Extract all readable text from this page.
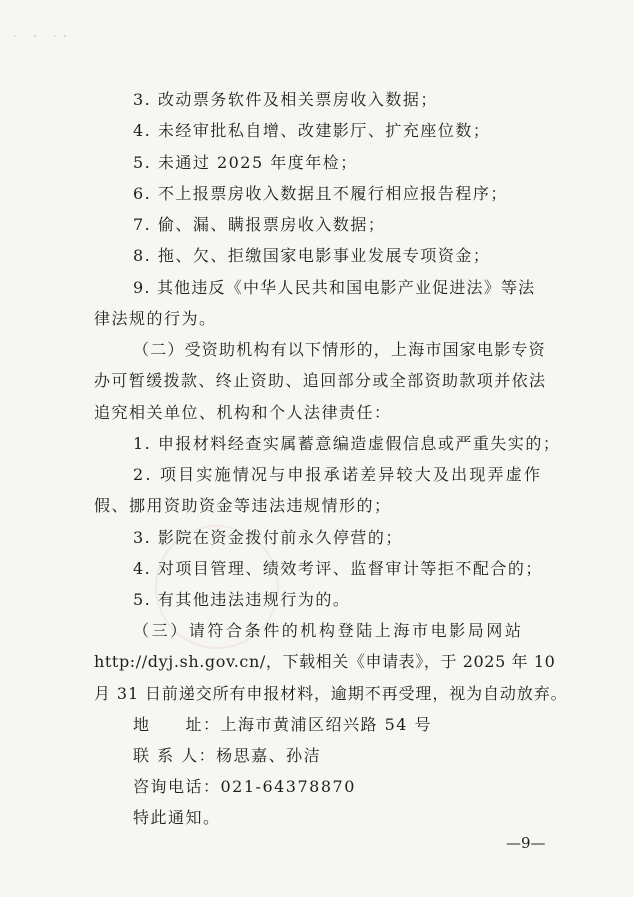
′ ʻ ′’
3. 改动票务软件及相关票房收入数据；
4. 未经审批私自增、改建影厅、扩充座位数；
5. 未通过 2025 年度年检；
6. 不上报票房收入数据且不履行相应报告程序；
7. 偷、漏、瞒报票房收入数据；
8. 拖、欠、拒缴国家电影事业发展专项资金；
9. 其他违反《中华人民共和国电影产业促进法》等法
律法规的行为。
（二）受资助机构有以下情形的，上海市国家电影专资
办可暂缓拨款、终止资助、追回部分或全部资助款项并依法
追究相关单位、机构和个人法律责任：
1. 申报材料经查实属蓄意编造虚假信息或严重失实的；
2. 项目实施情况与申报承诺差异较大及出现弄虚作
假、挪用资助资金等违法违规情形的；
3. 影院在资金拨付前永久停营的；
4. 对项目管理、绩效考评、监督审计等拒不配合的；
5. 有其他违法违规行为的。
（三）请符合条件的机构登陆上海市电影局网站
http://dyj.sh.gov.cn/，下载相关《申请表》，于 2025 年 10
月 31 日前递交所有申报材料，逾期不再受理，视为自动放弃。
地　　址：上海市黄浦区绍兴路 54 号
联 系 人：杨思嘉、孙洁
咨询电话：021-64378870
特此通知。
—9—
